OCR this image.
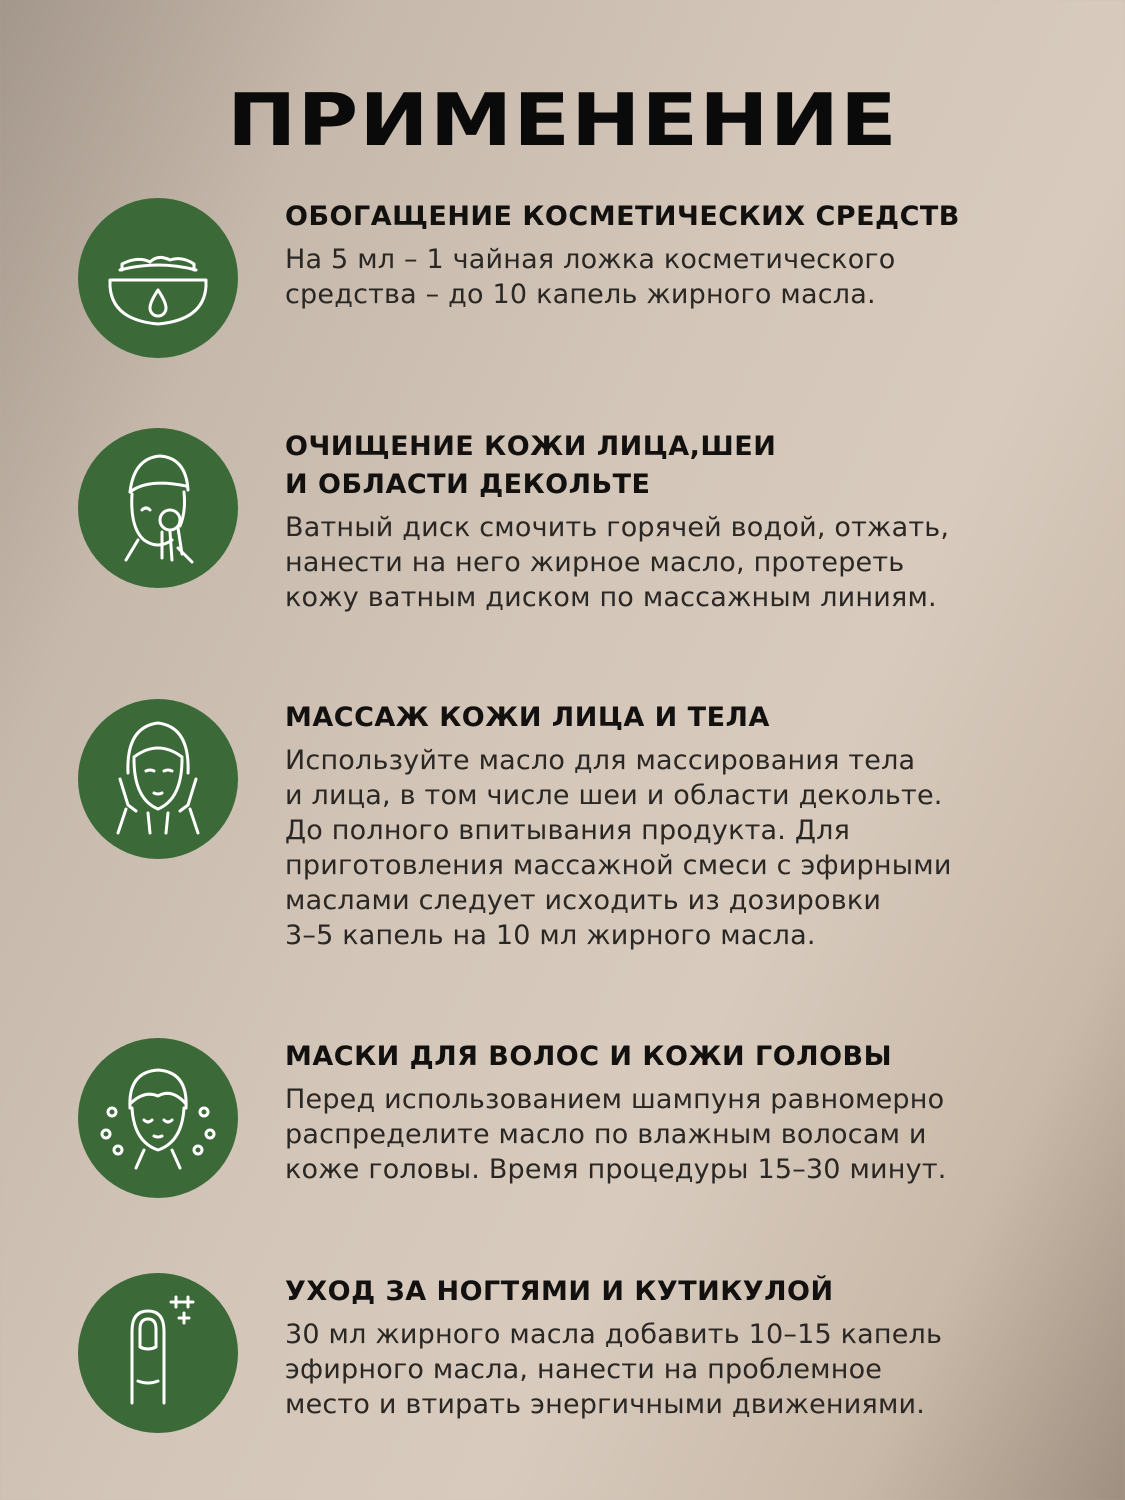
ПРИМЕНЕНИЕ
ОБОГАЩЕНИЕ КОСМЕТИЧЕСКИХ СРЕДСТВ
На 5 мл – 1 чайная ложка косметического
средства – до 10 капель жирного масла.
ОЧИЩЕНИЕ КОЖИ ЛИЦА,ШЕИ
И ОБЛАСТИ ДЕКОЛЬТЕ
Ватный диск смочить горячей водой, отжать,
нанести на него жирное масло, протереть
кожу ватным диском по массажным линиям.
МАССАЖ КОЖИ ЛИЦА И ТЕЛА
Используйте масло для массирования тела
и лица, в том числе шеи и области декольте.
До полного впитывания продукта. Для
приготовления массажной смеси с эфирными
маслами следует исходить из дозировки
3–5 капель на 10 мл жирного масла.
МАСКИ ДЛЯ ВОЛОС И КОЖИ ГОЛОВЫ
Перед использованием шампуня равномерно
распределите масло по влажным волосам и
коже головы. Время процедуры 15–30 минут.
УХОД ЗА НОГТЯМИ И КУТИКУЛОЙ
30 мл жирного масла добавить 10–15 капель
эфирного масла, нанести на проблемное
место и втирать энергичными движениями.
